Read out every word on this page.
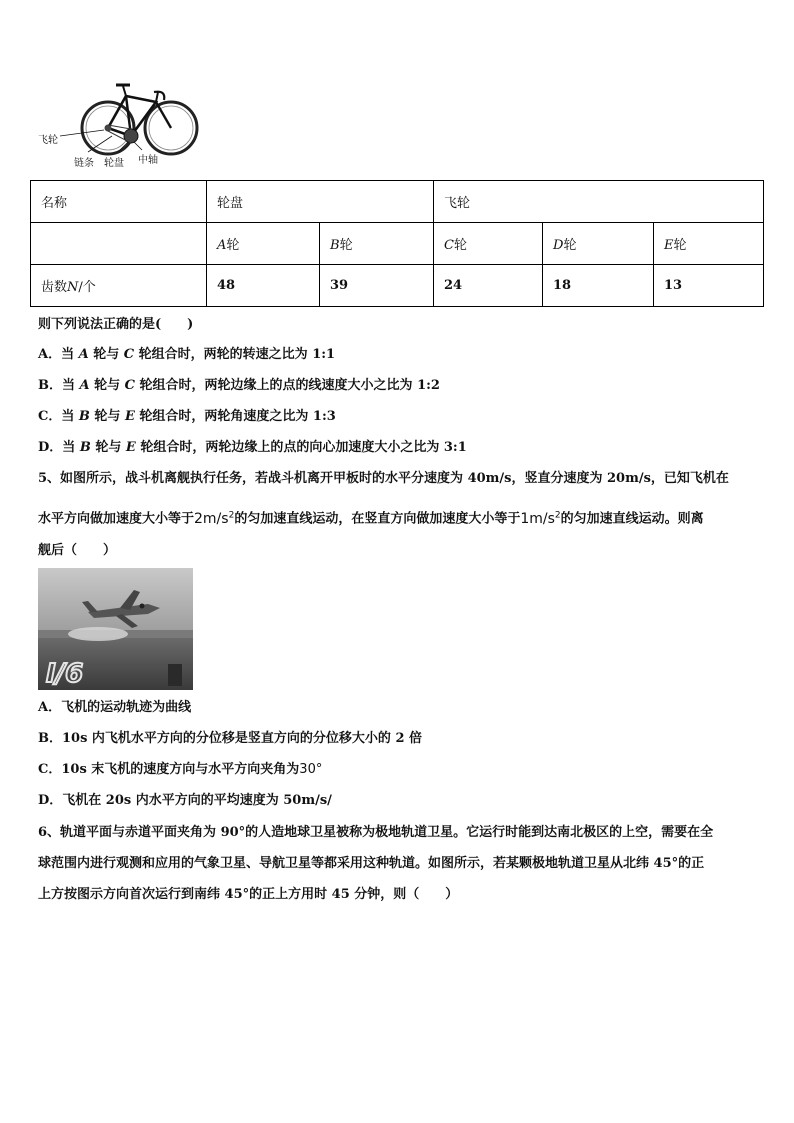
飞轮
链条 轮盘 中轴
名称	轮盘		飞轮		
	A轮	B轮	C轮	D轮	E轮
齿数N/个	48	39	24	18	13
则下列说法正确的是(　　)
A．当 A 轮与 C 轮组合时，两轮的转速之比为 1:1
B．当 A 轮与 C 轮组合时，两轮边缘上的点的线速度大小之比为 1:2
C．当 B 轮与 E 轮组合时，两轮角速度之比为 1:3
D．当 B 轮与 E 轮组合时，两轮边缘上的点的向心加速度大小之比为 3:1
5、如图所示，战斗机离舰执行任务，若战斗机离开甲板时的水平分速度为 40m/s，竖直分速度为 20m/s，已知飞机在
水平方向做加速度大小等于$2m/s^2$的匀加速直线运动，在竖直方向做加速度大小等于$1m/s^2$的匀加速直线运动。则离
舰后（　　）
I/6
A．飞机的运动轨迹为曲线
B．10s 内飞机水平方向的分位移是竖直方向的分位移大小的 2 倍
C．10s 末飞机的速度方向与水平方向夹角为30°
D．飞机在 20s 内水平方向的平均速度为 50m/s/
6、轨道平面与赤道平面夹角为 90°的人造地球卫星被称为极地轨道卫星。它运行时能到达南北极区的上空，需要在全
球范围内进行观测和应用的气象卫星、导航卫星等都采用这种轨道。如图所示，若某颗极地轨道卫星从北纬 45°的正
上方按图示方向首次运行到南纬 45°的正上方用时 45 分钟，则（　　）
